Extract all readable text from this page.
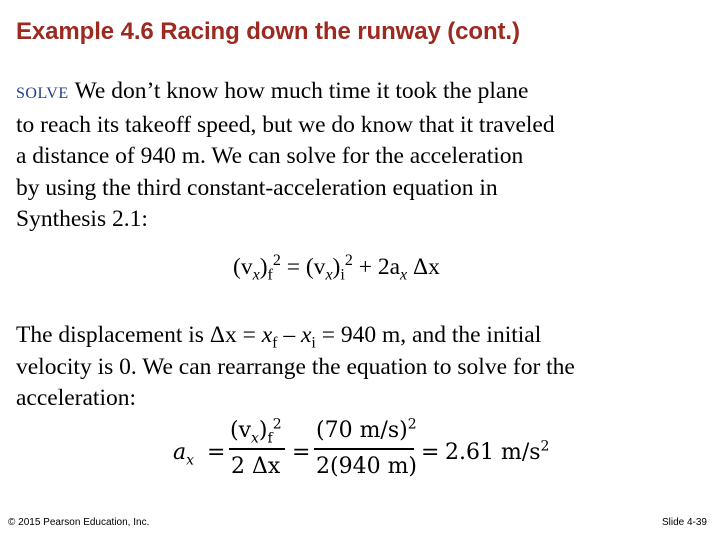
Example 4.6 Racing down the runway (cont.)
SOLVE We don’t know how much time it took the plane
to reach its takeoff speed, but we do know that it traveled
a distance of 940 m. We can solve for the acceleration
by using the third constant-acceleration equation in
Synthesis 2.1:
$(v_x)_f^2 = (v_x)_i^2 + 2a_x$ Δx
The displacement is $\Delta x = x_f - x_i = 940$ m, and the initial
velocity is 0. We can rearrange the equation to solve for the
acceleration:
$a_x$ =
$(v_x)_f^2$
2 Δx
=
(70 m/s)$^2$
2(940 m)
= 2.61 $m/s^2$
© 2015 Pearson Education, Inc.	Slide 4-39
